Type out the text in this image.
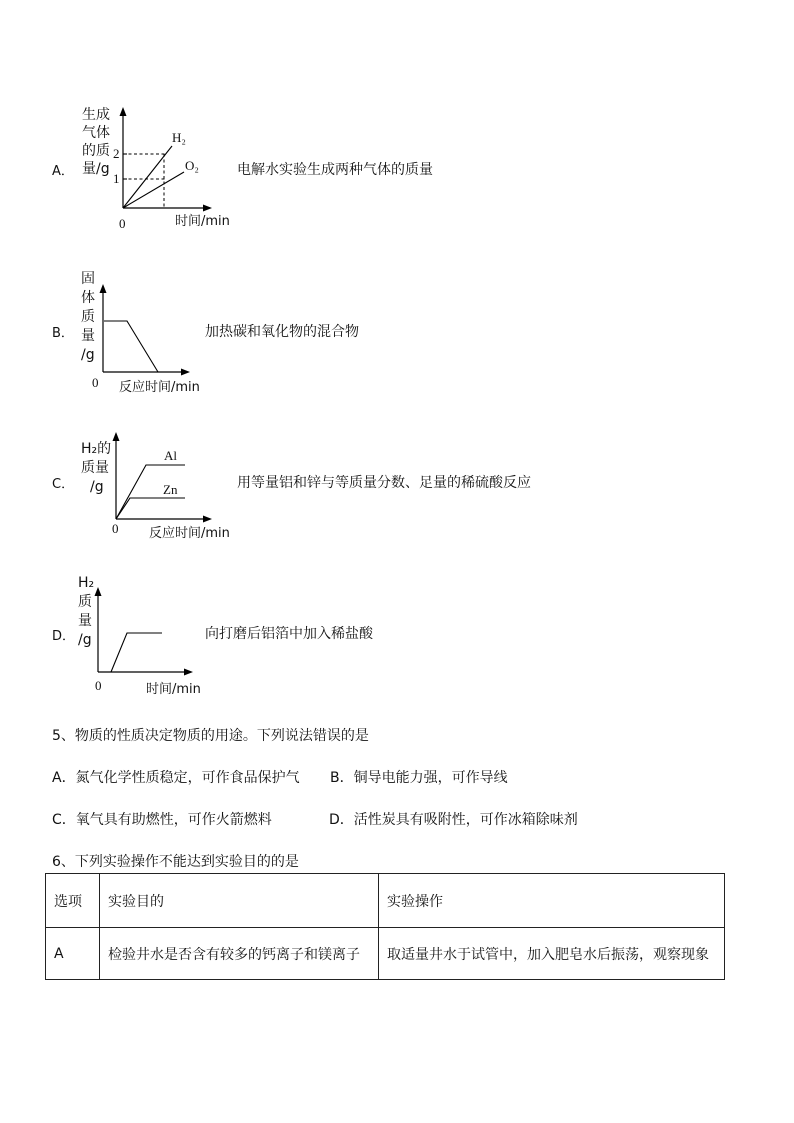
A．
生成
气体
的质
量/g
2
1
0	时间/min
H₂
O₂	电解水实验生成两种气体的质量
B．
固
体
质
量
/g
0 反应时间/min
加热碳和氧化物的混合物
C．
H₂的
质量
/g
0 反应时间/min
Al
Zn	用等量铝和锌与等质量分数、足量的稀硫酸反应
D．
H₂
质
量
/g
0	时间/min
向打磨后铝箔中加入稀盐酸
5、物质的性质决定物质的用途。下列说法错误的是
A．氮气化学性质稳定，可作食品保护气 B．铜导电能力强，可作导线
C．氧气具有助燃性，可作火箭燃料	D．活性炭具有吸附性，可作冰箱除味剂
6、下列实验操作不能达到实验目的的是
选项	实验目的	实验操作
A	检验井水是否含有较多的钙离子和镁离子	取适量井水于试管中，加入肥皂水后振荡，观察现象
